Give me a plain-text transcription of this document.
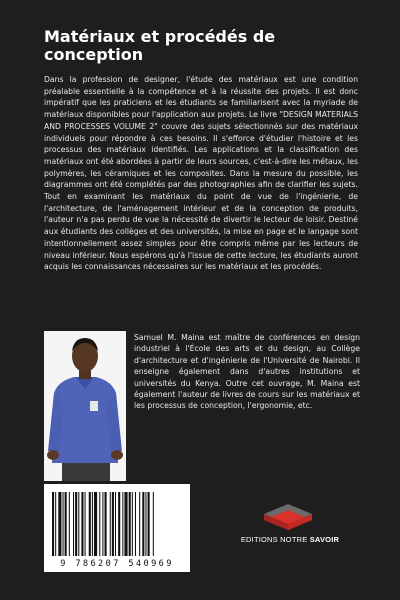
Matériaux et procédés de conception

Dans la profession de designer, l'étude des matériaux est une condition préalable essentielle à la compétence et à la réussite des projets. Il est donc impératif que les praticiens et les étudiants se familiarisent avec la myriade de matériaux disponibles pour l'application aux projets. Le livre "DESIGN MATERIALS AND PROCESSES VOLUME 2" couvre des sujets sélectionnés sur des matériaux individuels pour répondre à ces besoins. Il s'efforce d'étudier l'histoire et les processus des matériaux identifiés. Les applications et la classification des matériaux ont été abordées à partir de leurs sources, c'est-à-dire les métaux, les polymères, les céramiques et les composites. Dans la mesure du possible, les diagrammes ont été complétés par des photographies afin de clarifier les sujets. Tout en examinant les matériaux du point de vue de l'ingénierie, de l'architecture, de l'aménagement intérieur et de la conception de produits, l'auteur n'a pas perdu de vue la nécessité de divertir le lecteur de loisir. Destiné aux étudiants des collèges et des universités, la mise en page et le langage sont intentionnellement assez simples pour être compris même par les lecteurs de niveau inférieur. Nous espérons qu'à l'issue de cette lecture, les étudiants auront acquis les connaissances nécessaires sur les matériaux et les procédés.

Samuel M. Maina est maître de conférences en design industriel à l'École des arts et du design, au Collège d'architecture et d'ingénierie de l'Université de Nairobi. Il enseigne également dans d'autres institutions et universités du Kenya. Outre cet ouvrage, M. Maina est également l'auteur de livres de cours sur les matériaux et les processus de conception, l'ergonomie, etc.

9 786207 540969
EDITIONS NOTRE SAVOIR
